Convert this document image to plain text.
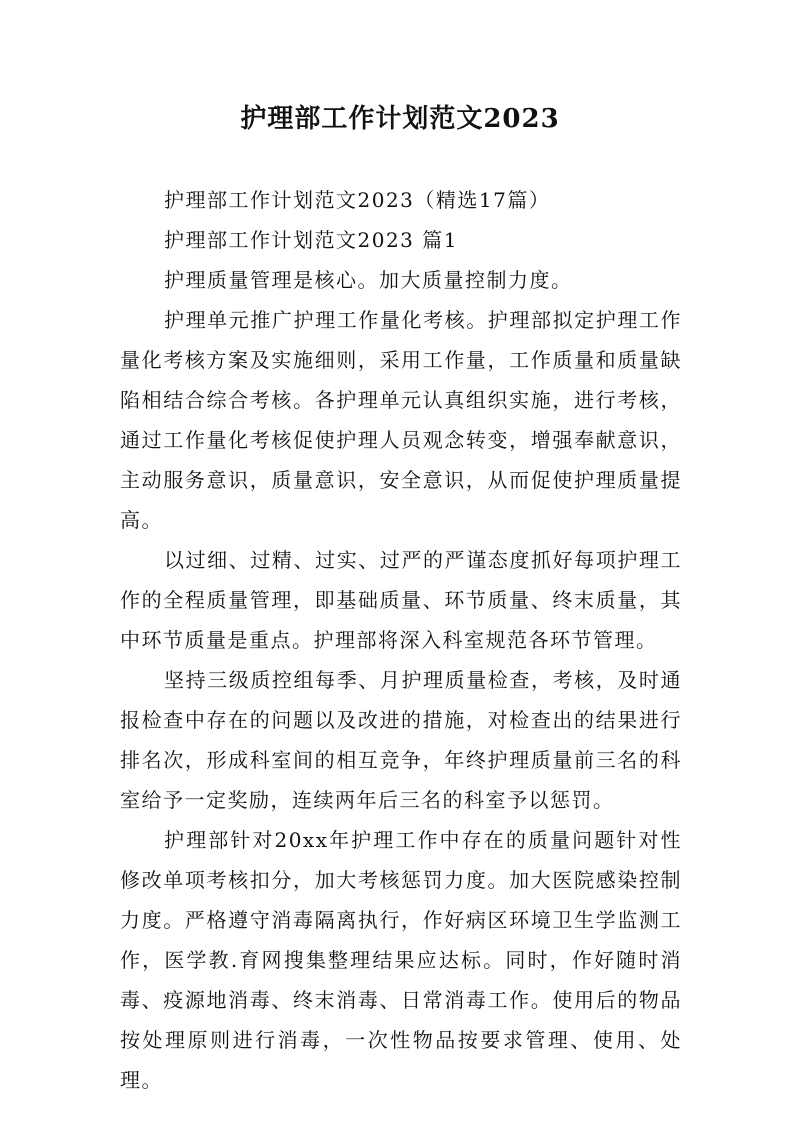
护理部工作计划范文2023

护理部工作计划范文2023（精选17篇）

护理部工作计划范文2023 篇1

护理质量管理是核心。加大质量控制力度。

护理单元推广护理工作量化考核。护理部拟定护理工作量化考核方案及实施细则，采用工作量，工作质量和质量缺陷相结合综合考核。各护理单元认真组织实施，进行考核，通过工作量化考核促使护理人员观念转变，增强奉献意识，主动服务意识，质量意识，安全意识，从而促使护理质量提高。

以过细、过精、过实、过严的严谨态度抓好每项护理工作的全程质量管理，即基础质量、环节质量、终末质量，其中环节质量是重点。护理部将深入科室规范各环节管理。

坚持三级质控组每季、月护理质量检查，考核，及时通报检查中存在的问题以及改进的措施，对检查出的结果进行排名次，形成科室间的相互竞争，年终护理质量前三名的科室给予一定奖励，连续两年后三名的科室予以惩罚。

护理部针对20xx年护理工作中存在的质量问题针对性修改单项考核扣分，加大考核惩罚力度。加大医院感染控制力度。严格遵守消毒隔离执行，作好病区环境卫生学监测工作，医学教.育网搜集整理结果应达标。同时，作好随时消毒、疫源地消毒、终末消毒、日常消毒工作。使用后的物品按处理原则进行消毒，一次性物品按要求管理、使用、处理。
